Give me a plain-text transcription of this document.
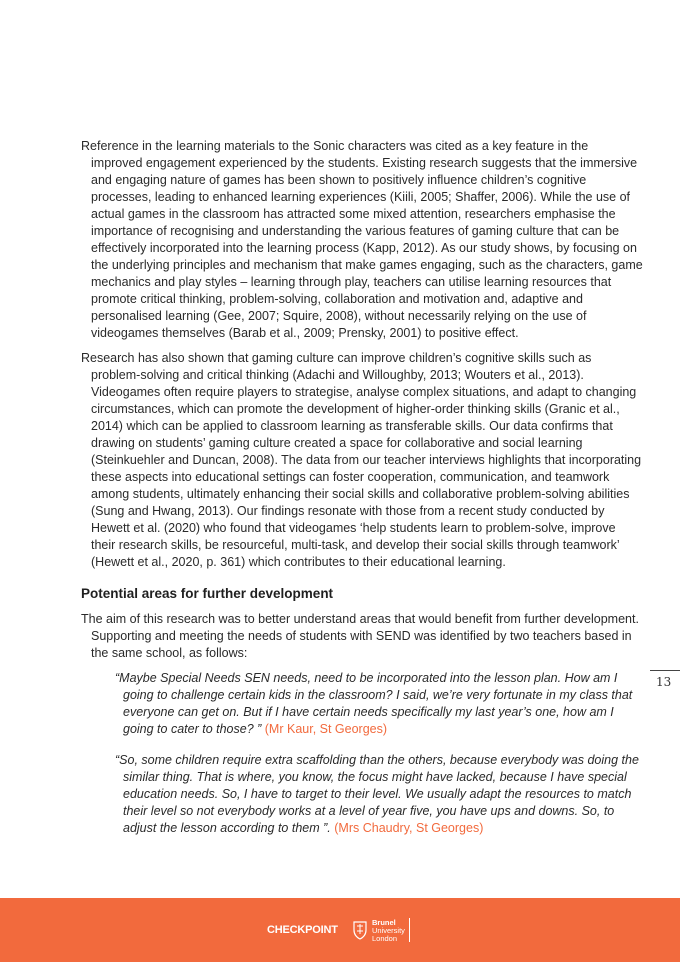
Reference in the learning materials to the Sonic characters was cited as a key feature in the improved engagement experienced by the students. Existing research suggests that the immersive and engaging nature of games has been shown to positively influence children’s cognitive processes, leading to enhanced learning experiences (Kiili, 2005; Shaffer, 2006). While the use of actual games in the classroom has attracted some mixed attention, researchers emphasise the importance of recognising and understanding the various features of gaming culture that can be effectively incorporated into the learning process (Kapp, 2012). As our study shows, by focusing on the underlying principles and mechanism that make games engaging, such as the characters, game mechanics and play styles – learning through play, teachers can utilise learning resources that promote critical thinking, problem-solving, collaboration and motivation and, adaptive and personalised learning (Gee, 2007; Squire, 2008), without necessarily relying on the use of videogames themselves (Barab et al., 2009; Prensky, 2001) to positive effect.

Research has also shown that gaming culture can improve children’s cognitive skills such as problem-solving and critical thinking (Adachi and Willoughby, 2013; Wouters et al., 2013). Videogames often require players to strategise, analyse complex situations, and adapt to changing circumstances, which can promote the development of higher-order thinking skills (Granic et al., 2014) which can be applied to classroom learning as transferable skills. Our data confirms that drawing on students’ gaming culture created a space for collaborative and social learning (Steinkuehler and Duncan, 2008). The data from our teacher interviews highlights that incorporating these aspects into educational settings can foster cooperation, communication, and teamwork among students, ultimately enhancing their social skills and collaborative problem-solving abilities (Sung and Hwang, 2013). Our findings resonate with those from a recent study conducted by Hewett et al. (2020) who found that videogames ‘help students learn to problem-solve, improve their research skills, be resourceful, multi-task, and develop their social skills through teamwork’ (Hewett et al., 2020, p. 361) which contributes to their educational learning.

Potential areas for further development

The aim of this research was to better understand areas that would benefit from further development. Supporting and meeting the needs of students with SEND was identified by two teachers based in the same school, as follows:

“Maybe Special Needs SEN needs, need to be incorporated into the lesson plan. How am I going to challenge certain kids in the classroom? I said, we’re very fortunate in my class that everyone can get on. But if I have certain needs specifically my last year’s one, how am I going to cater to those? ” (Mr Kaur, St Georges)

“So, some children require extra scaffolding than the others, because everybody was doing the similar thing. That is where, you know, the focus might have lacked, because I have special education needs. So, I have to target to their level. We usually adapt the resources to match their level so not everybody works at a level of year five, you have ups and downs. So, to adjust the lesson according to them ”. (Mrs Chaudry, St Georges)

13
CHECKPOINT
Brunel
University
London
